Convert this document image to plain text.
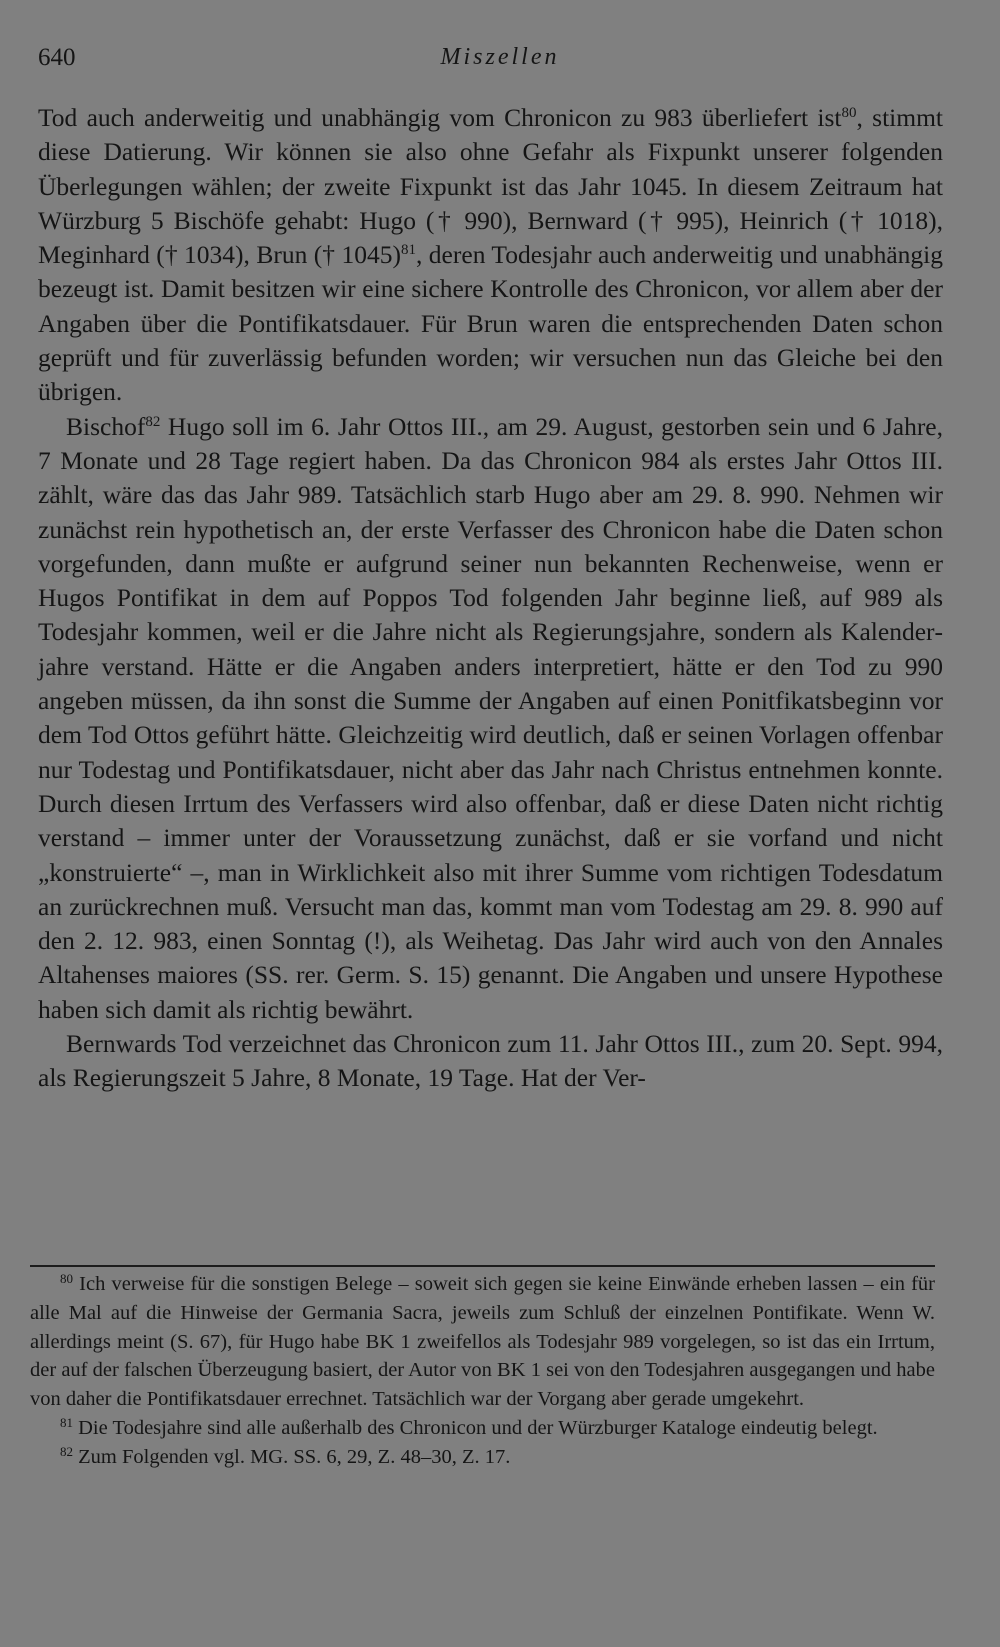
640	Miszellen

Tod auch anderweitig und unabhängig vom Chronicon zu 983 überliefert ist$^{80}$, stimmt diese Datierung. Wir können sie also ohne Gefahr als Fixpunkt unserer folgenden Überlegungen wählen; der zweite Fixpunkt ist das Jahr 1045. In diesem Zeitraum hat Würzburg 5 Bischöfe gehabt: Hugo († 990), Bernward († 995), Heinrich († 1018), Meginhard († 1034), Brun († 1045)$^{81}$, deren Todesjahr auch anderweitig und unabhängig bezeugt ist. Damit besitzen wir eine sichere Kontrolle des Chronicon, vor allem aber der Angaben über die Pontifikatsdauer. Für Brun waren die entsprechenden Daten schon geprüft und für zuverlässig befunden worden; wir versuchen nun das Gleiche bei den übrigen.

Bischof$^{82}$ Hugo soll im 6. Jahr Ottos III., am 29. August, gestorben sein und 6 Jahre, 7 Monate und 28 Tage regiert haben. Da das Chronicon 984 als erstes Jahr Ottos III. zählt, wäre das das Jahr 989. Tatsächlich starb Hugo aber am 29. 8. 990. Nehmen wir zunächst rein hypothetisch an, der erste Verfasser des Chronicon habe die Daten schon vorgefunden, dann mußte er aufgrund seiner nun bekannten Rechenweise, wenn er Hugos Pontifikat in dem auf Poppos Tod folgenden Jahr beginne ließ, auf 989 als Todesjahr kommen, weil er die Jahre nicht als Regierungsjahre, sondern als Kalenderjahre verstand. Hätte er die Angaben anders interpretiert, hätte er den Tod zu 990 angeben müssen, da ihn sonst die Summe der Angaben auf einen Ponitfikatsbeginn vor dem Tod Ottos geführt hätte. Gleichzeitig wird deutlich, daß er seinen Vorlagen offenbar nur Todestag und Pontifikatsdauer, nicht aber das Jahr nach Christus entnehmen konnte. Durch diesen Irrtum des Verfassers wird also offenbar, daß er diese Daten nicht richtig verstand – immer unter der Voraussetzung zunächst, daß er sie vorfand und nicht „konstruierte“ –, man in Wirklichkeit also mit ihrer Summe vom richtigen Todesdatum an zurückrechnen muß. Versucht man das, kommt man vom Todestag am 29. 8. 990 auf den 2. 12. 983, einen Sonntag (!), als Weihetag. Das Jahr wird auch von den Annales Altahenses maiores (SS. rer. Germ. S. 15) genannt. Die Angaben und unsere Hypothese haben sich damit als richtig bewährt.

Bernwards Tod verzeichnet das Chronicon zum 11. Jahr Ottos III., zum 20. Sept. 994, als Regierungszeit 5 Jahre, 8 Monate, 19 Tage. Hat der Ver-

$^{80}$ Ich verweise für die sonstigen Belege – soweit sich gegen sie keine Einwände erheben lassen – ein für alle Mal auf die Hinweise der Germania Sacra, jeweils zum Schluß der einzelnen Pontifikate. Wenn W. allerdings meint (S. 67), für Hugo habe BK 1 zweifellos als Todesjahr 989 vorgelegen, so ist das ein Irrtum, der auf der falschen Überzeugung basiert, der Autor von BK 1 sei von den Todesjahren ausgegangen und habe von daher die Pontifikatsdauer errechnet. Tatsächlich war der Vorgang aber gerade umgekehrt.

$^{81}$ Die Todesjahre sind alle außerhalb des Chronicon und der Würzburger Kataloge eindeutig belegt.

$^{82}$ Zum Folgenden vgl. MG. SS. 6, 29, Z. 48–30, Z. 17.
